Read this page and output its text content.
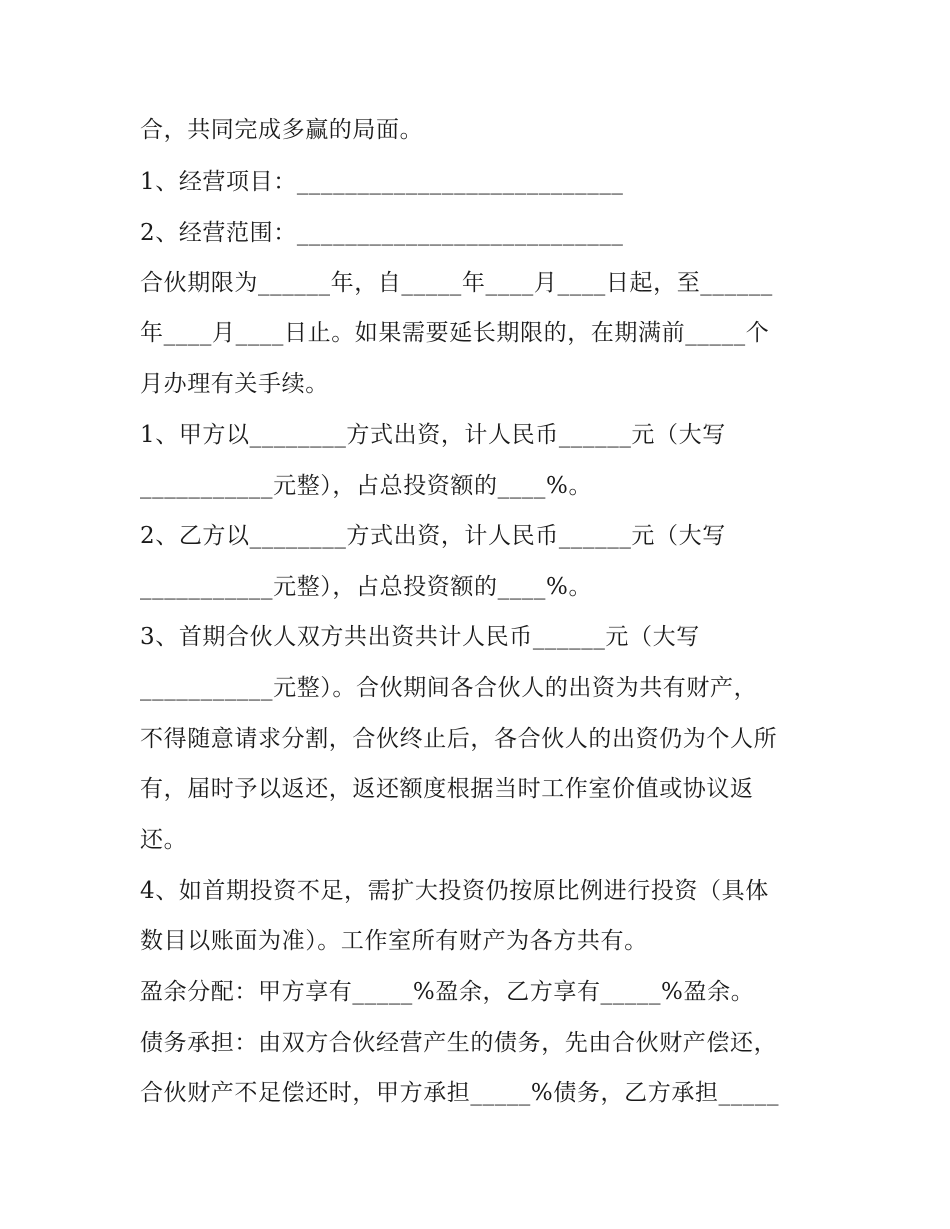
合，共同完成多赢的局面。
1、经营项目：___________________________
2、经营范围：___________________________
合伙期限为______年，自_____年____月____日起，至______
年____月____日止。如果需要延长期限的，在期满前_____个
月办理有关手续。
1、甲方以________方式出资，计人民币______元（大写
___________元整），占总投资额的____%。
2、乙方以________方式出资，计人民币______元（大写
___________元整），占总投资额的____%。
3、首期合伙人双方共出资共计人民币______元（大写
___________元整）。合伙期间各合伙人的出资为共有财产，
不得随意请求分割，合伙终止后，各合伙人的出资仍为个人所
有，届时予以返还，返还额度根据当时工作室价值或协议返
还。
4、如首期投资不足，需扩大投资仍按原比例进行投资（具体
数目以账面为准）。工作室所有财产为各方共有。
盈余分配：甲方享有_____%盈余，乙方享有_____%盈余。
债务承担：由双方合伙经营产生的债务，先由合伙财产偿还，
合伙财产不足偿还时，甲方承担_____%债务，乙方承担_____
